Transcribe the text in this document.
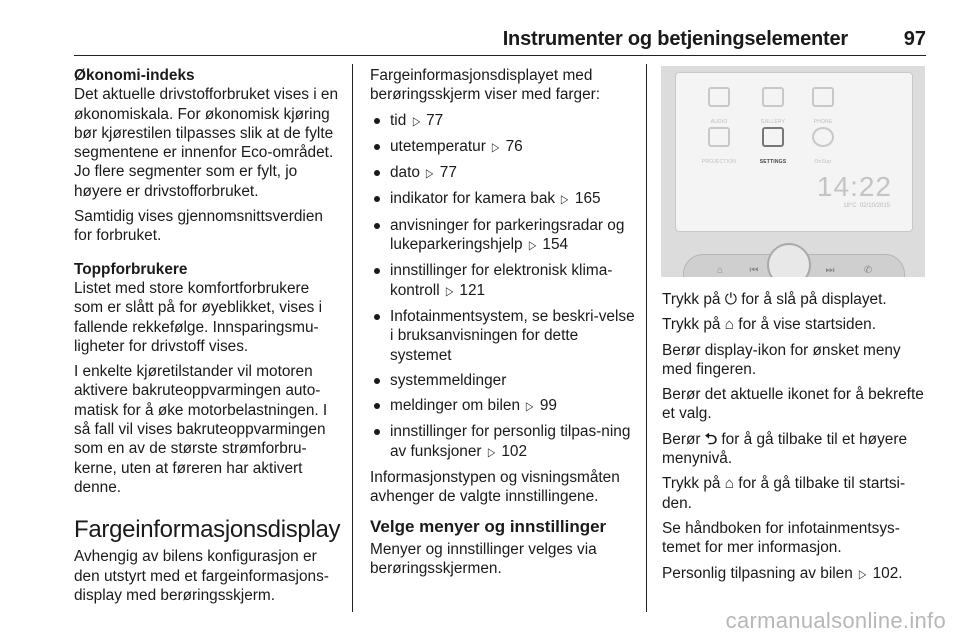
Instrumenter og betjeningselementer	97

Økonomi-indeks

Det aktuelle drivstofforbruket vises i en økonomiskala. For økonomisk kjøring bør kjørestilen tilpasses slik at de fylte segmentene er innenfor Eco-området. Jo flere segmenter som er fylt, jo høyere er drivstofforbruket.

Samtidig vises gjennomsnittsverdien for forbruket.

Toppforbrukere

Listet med store komfortforbrukere som er slått på for øyeblikket, vises i fallende rekkefølge. Innsparingsmu-ligheter for drivstoff vises.

I enkelte kjøretilstander vil motoren aktivere bakruteoppvarmingen auto-matisk for å øke motorbelastningen. I så fall vil vises bakruteoppvarmingen som en av de største strømforbru-kerne, uten at føreren har aktivert denne.

Fargeinformasjonsdisplay

Avhengig av bilens konfigurasjon er den utstyrt med et fargeinformasjons-display med berøringsskjerm.

Fargeinformasjonsdisplayet med berøringsskjerm viser med farger:

tid ▷ 77
utetemperatur ▷ 76
dato ▷ 77
indikator for kamera bak ▷ 165
anvisninger for parkeringsradar og lukeparkeringshjelp ▷ 154
innstillinger for elektronisk klima-kontroll ▷ 121
Infotainmentsystem, se beskri-velse i bruksanvisningen for dette systemet
systemmeldinger
meldinger om bilen ▷ 99
innstillinger for personlig tilpas-ning av funksjoner ▷ 102

Informasjonstypen og visningsmåten avhenger de valgte innstillingene.

Velge menyer og innstillinger

Menyer og innstillinger velges via berøringsskjermen.

AUDIO	GALLERY	PHONE
PROJECTION	SETTINGS	OnStar
14:22
18°C 02/10/2015
⌂	⏮	⏭	✆

Trykk på ⏻ for å slå på displayet.

Trykk på ⌂ for å vise startsiden.

Berør display-ikon for ønsket meny med fingeren.

Berør det aktuelle ikonet for å bekrefte et valg.

Berør ⮌ for å gå tilbake til et høyere menynivå.

Trykk på ⌂ for å gå tilbake til startsi-den.

Se håndboken for infotainmentsys-temet for mer informasjon.

Personlig tilpasning av bilen ▷ 102.

carmanualsonline.info
